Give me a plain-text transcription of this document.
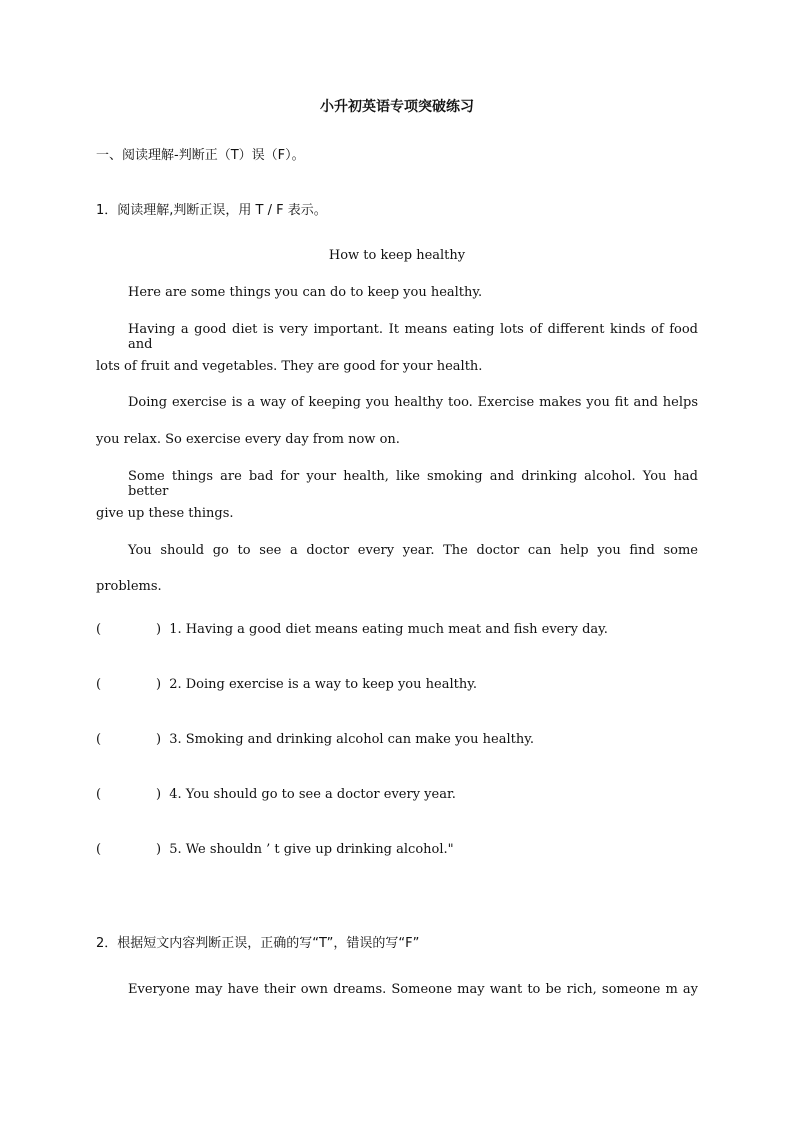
小升初英语专项突破练习
一、阅读理解-判断正（T）误（F）。
1．阅读理解,判断正误，用 T / F 表示。
How to keep healthy
Here are some things you can do to keep you healthy.
Having a good diet is very important. It means eating lots of different kinds of food and
lots of fruit and vegetables. They are good for your health.
Doing exercise is a way of keeping you healthy too. Exercise makes you fit and helps
you relax. So exercise every day from now on.
Some things are bad for your health, like smoking and drinking alcohol. You had better
give up these things.
You should go to see a doctor every year. The doctor can help you find some
problems.
(	) 1. Having a good diet means eating much meat and fish every day.
(	) 2. Doing exercise is a way to keep you healthy.
(	) 3. Smoking and drinking alcohol can make you healthy.
(	) 4. You should go to see a doctor every year.
(	) 5. We shouldn ’ t give up drinking alcohol."
2．根据短文内容判断正误，正确的写“T”，错误的写“F”
Everyone may have their own dreams. Someone may want to be rich, someone m ay
